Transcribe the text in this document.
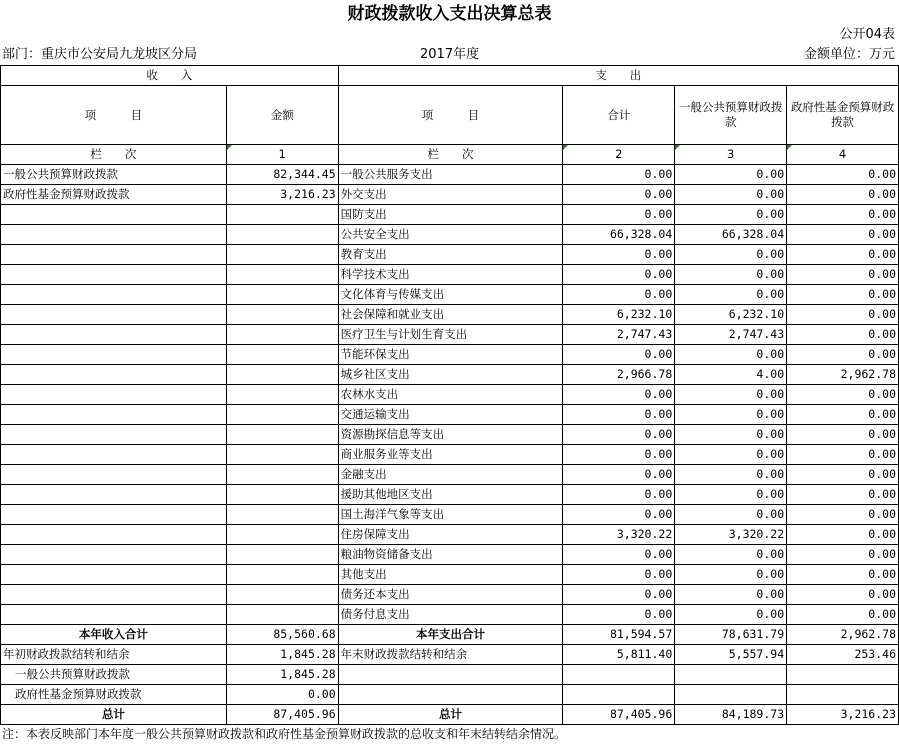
财政拨款收入支出决算总表
公开04表
部门：重庆市公安局九龙坡区分局	2017年度	金额单位：万元
收　　入		支　　出			
项　　　目	金额	项　　　目	合计	一般公共预算财政拨款	政府性基金预算财政拨款
栏　　次	1	栏　　次	2	3	4
一般公共预算财政拨款	82,344.45	一般公共服务支出	0.00	0.00	0.00
政府性基金预算财政拨款	3,216.23	外交支出	0.00	0.00	0.00
		国防支出	0.00	0.00	0.00
		公共安全支出	66,328.04	66,328.04	0.00
		教育支出	0.00	0.00	0.00
		科学技术支出	0.00	0.00	0.00
		文化体育与传媒支出	0.00	0.00	0.00
		社会保障和就业支出	6,232.10	6,232.10	0.00
		医疗卫生与计划生育支出	2,747.43	2,747.43	0.00
		节能环保支出	0.00	0.00	0.00
		城乡社区支出	2,966.78	4.00	2,962.78
		农林水支出	0.00	0.00	0.00
		交通运输支出	0.00	0.00	0.00
		资源勘探信息等支出	0.00	0.00	0.00
		商业服务业等支出	0.00	0.00	0.00
		金融支出	0.00	0.00	0.00
		援助其他地区支出	0.00	0.00	0.00
		国土海洋气象等支出	0.00	0.00	0.00
		住房保障支出	3,320.22	3,320.22	0.00
		粮油物资储备支出	0.00	0.00	0.00
		其他支出	0.00	0.00	0.00
		债务还本支出	0.00	0.00	0.00
		债务付息支出	0.00	0.00	0.00
本年收入合计	85,560.68	本年支出合计	81,594.57	78,631.79	2,962.78
年初财政拨款结转和结余	1,845.28	年末财政拨款结转和结余	5,811.40	5,557.94	253.46
一般公共预算财政拨款	1,845.28				
政府性基金预算财政拨款	0.00				
总计	87,405.96	总计	87,405.96	84,189.73	3,216.23
注：本表反映部门本年度一般公共预算财政拨款和政府性基金预算财政拨款的总收支和年末结转结余情况。
